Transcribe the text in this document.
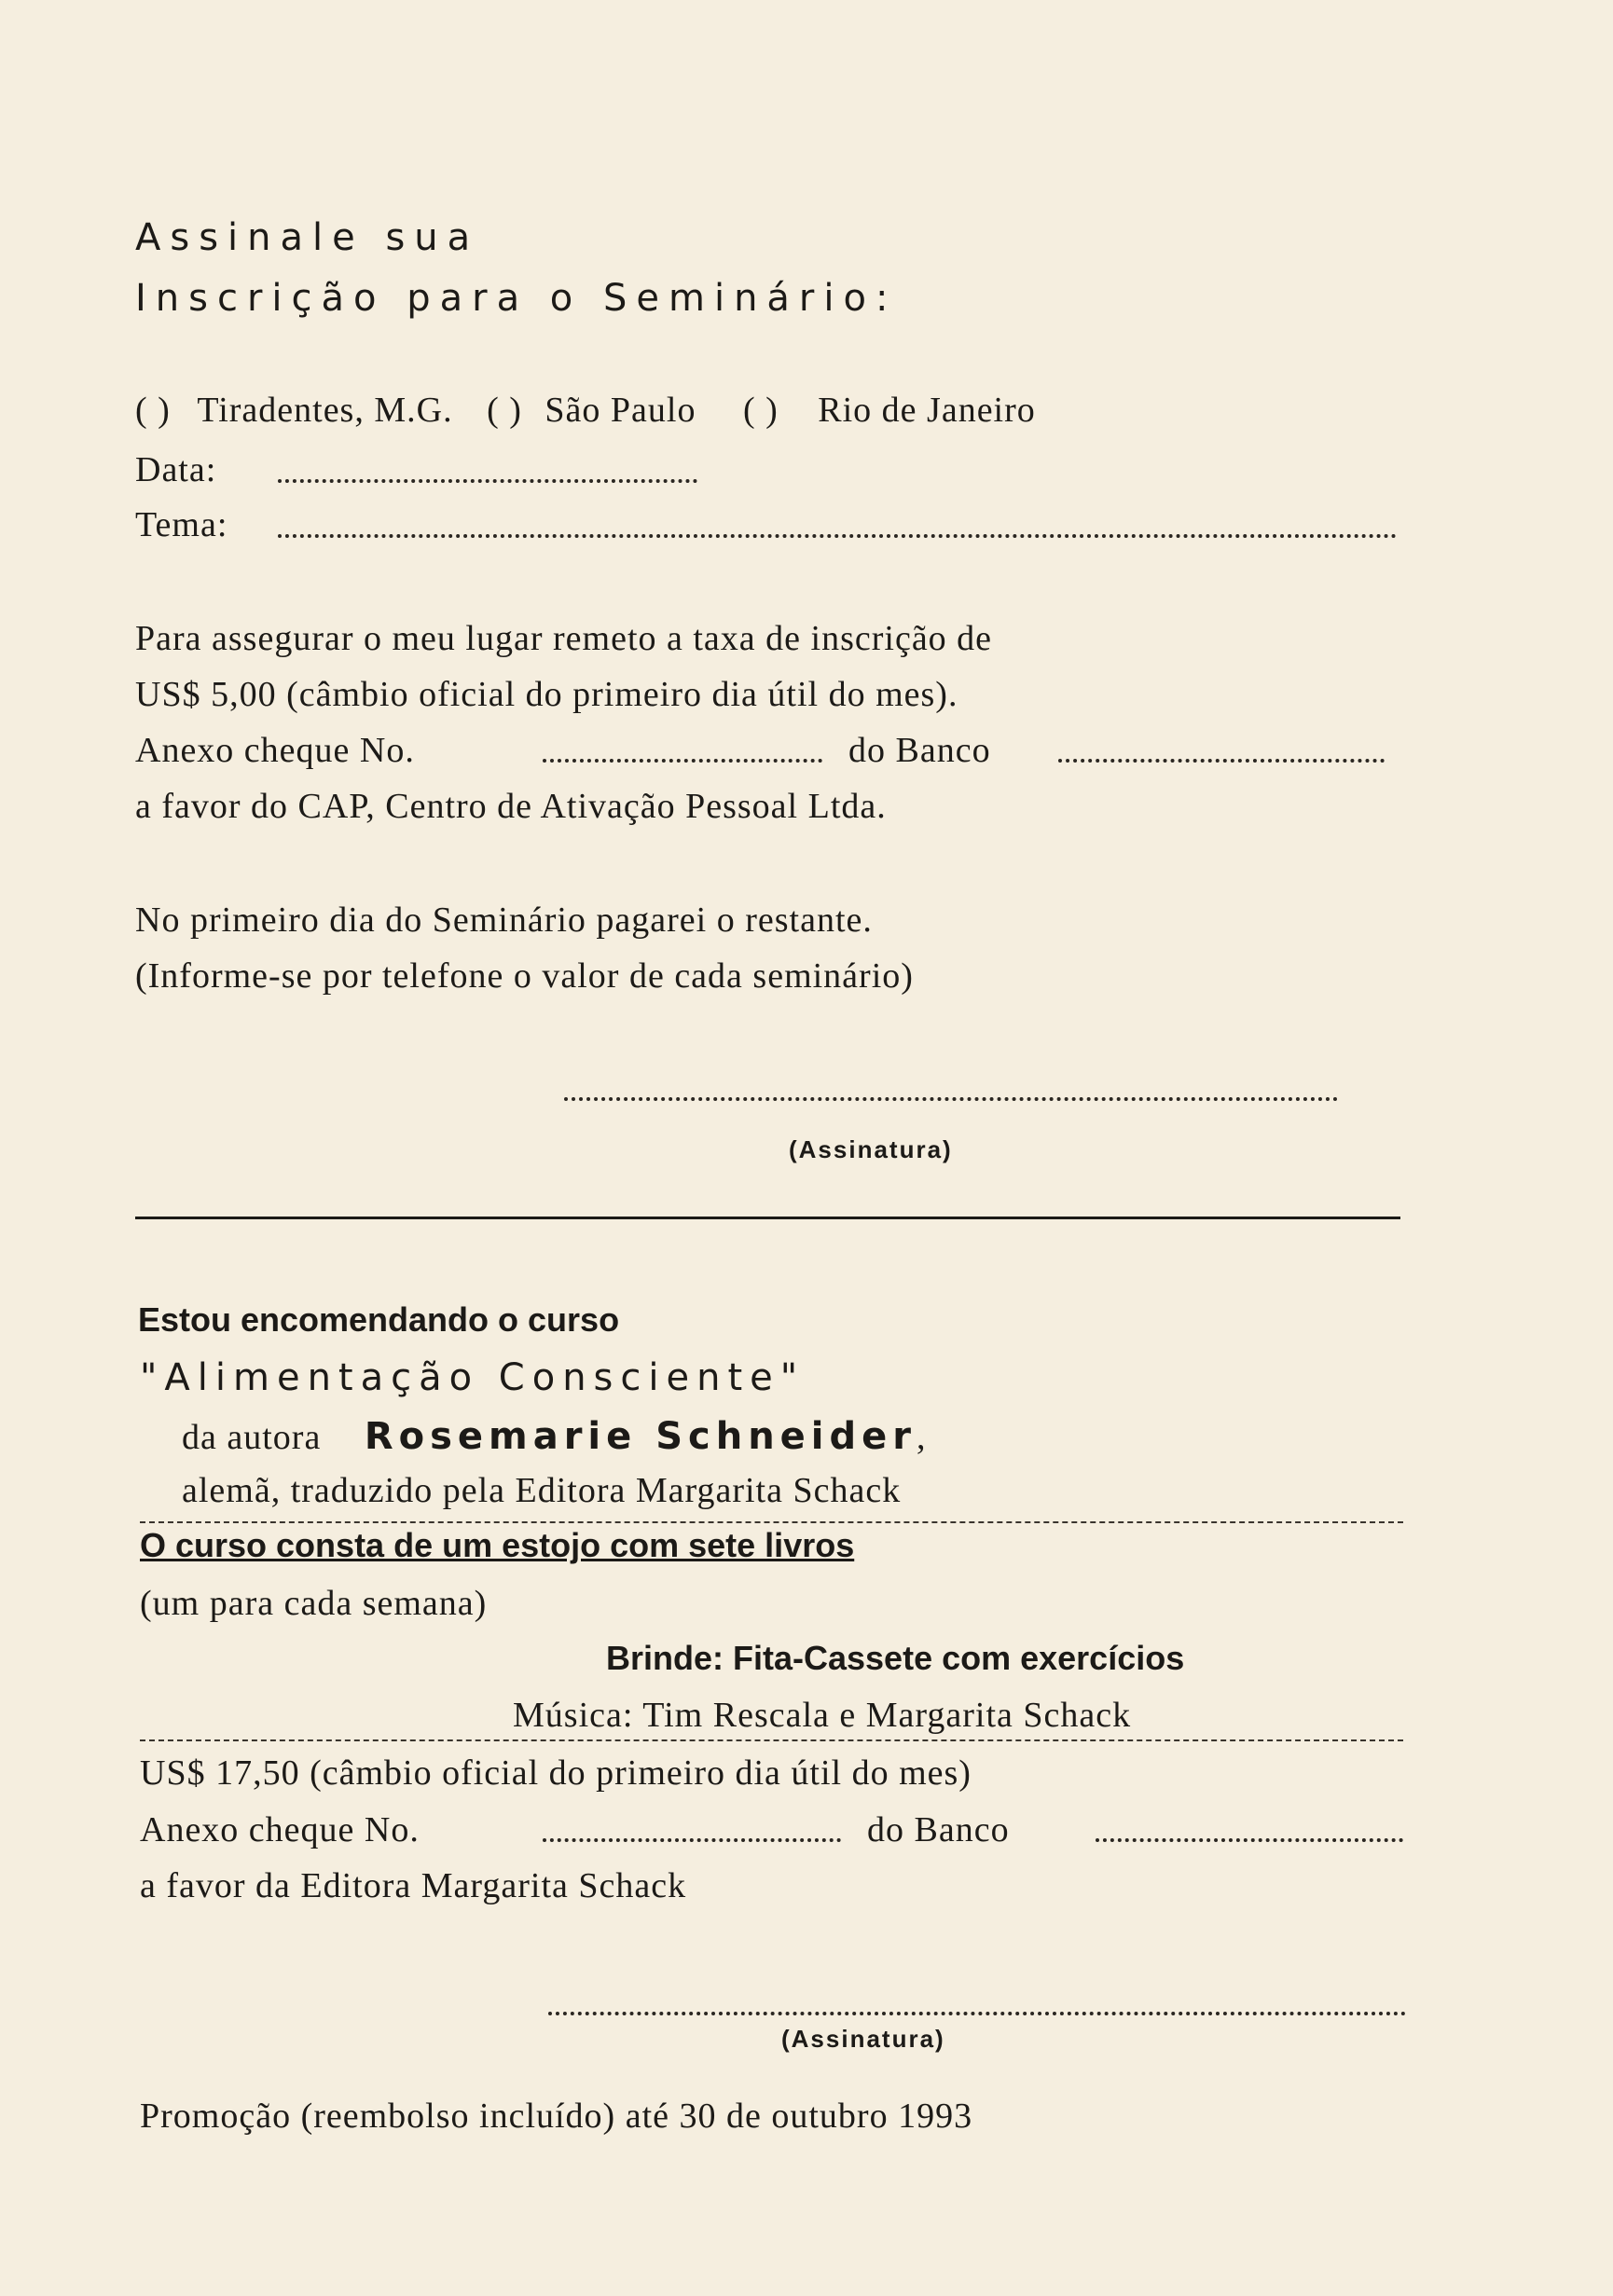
Assinale sua
Inscrição para o Seminário:
( ) Tiradentes, M.G. ( ) São Paulo ( ) Rio de Janeiro
Data:
Tema:
Para assegurar o meu lugar remeto a taxa de inscrição de
US$ 5,00 (câmbio oficial do primeiro dia útil do mes).
Anexo cheque No.	do Banco
a favor do CAP, Centro de Ativação Pessoal Ltda.
No primeiro dia do Seminário pagarei o restante.
(Informe-se por telefone o valor de cada seminário)
(Assinatura)
Estou encomendando o curso
"Alimentação Conscientе"
da autora Rosemarie Schneider,
alemã, traduzido pela Editora Margarita Schack
O curso consta de um estojo com sete livros
(um para cada semana)
Brinde: Fita-Cassete com exercícios
Música: Tim Rescala e Margarita Schack
US$ 17,50 (câmbio oficial do primeiro dia útil do mes)
Anexo cheque No.	do Banco
a favor da Editora Margarita Schack
(Assinatura)
Promoção (reembolso incluído) até 30 de outubro 1993
